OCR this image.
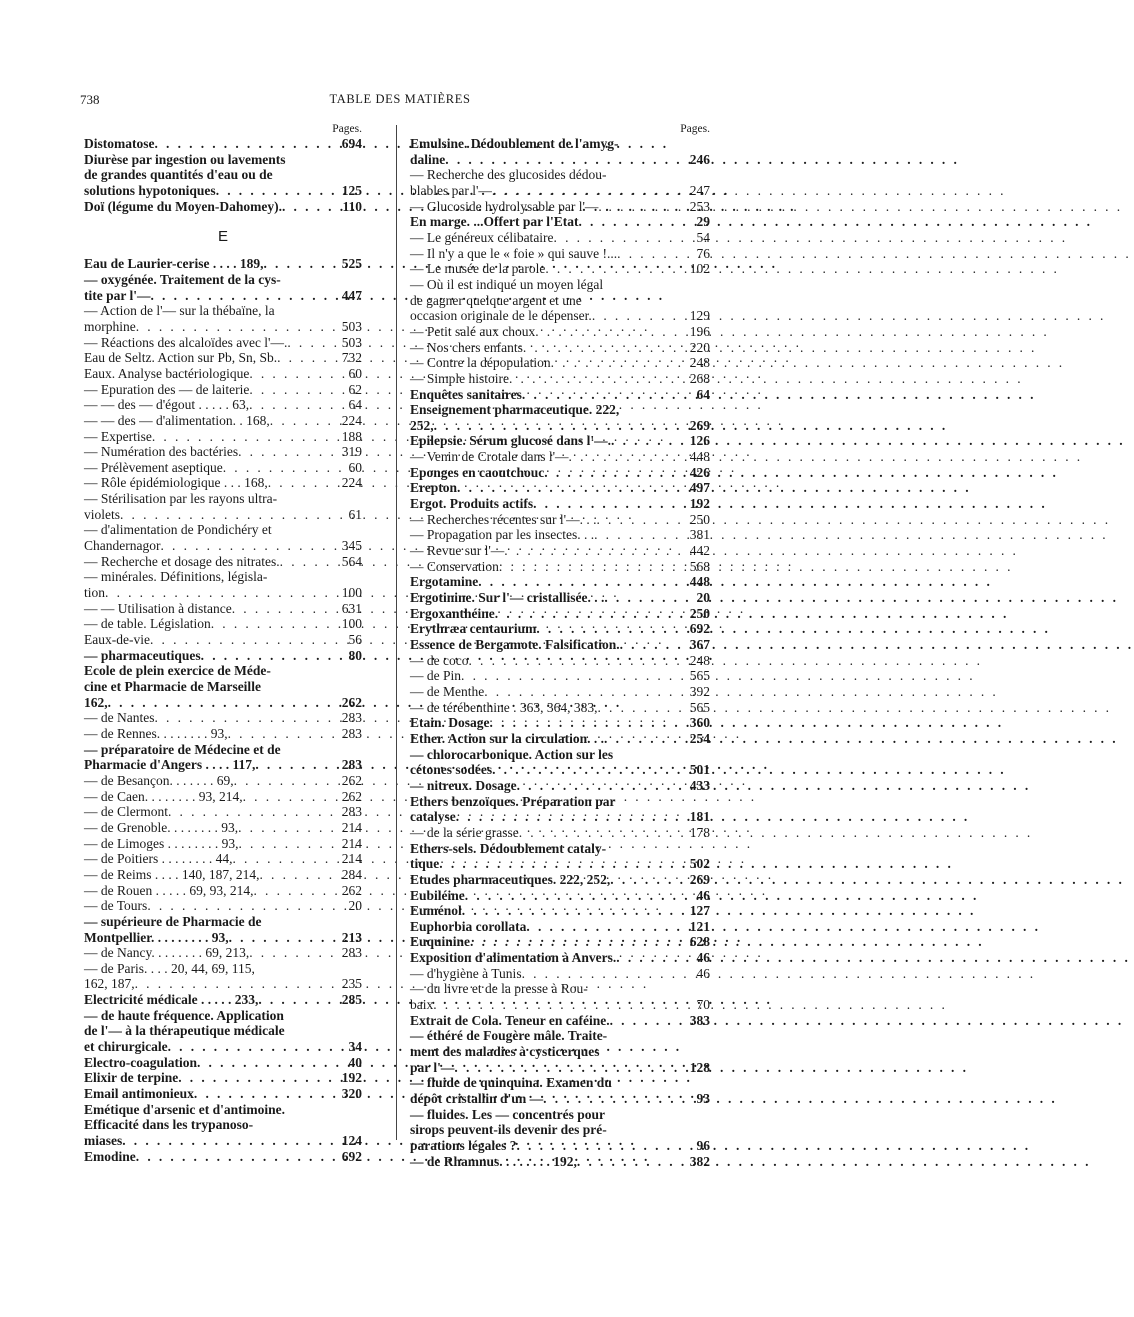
738	TABLE DES MATIÈRES
Pages.
Distomatose . . .	694
Diurèse par ingestion ou lavements
de grandes quantités d'eau ou de
solutions hypotoniques . . .	125
Doï (légume du Moyen-Dahomey). . . .	110
E
Eau de Laurier-cerise . . . . 189, . . .	525
— oxygénée. Traitement de la cys-
tite par l'— . . .	447
— Action de l'— sur la thébaïne, la
morphine . . .	503
— Réactions des alcaloïdes avec l'—. . . .	503
Eau de Seltz. Action sur Pb, Sn, Sb. . . .	732
Eaux. Analyse bactériologique . . .	60
— Epuration des — de laiterie . . .	62
— — des — d'égout . . . . . 63, . . .	64
— — des — d'alimentation. . 168, . . .	224
— Expertise . . .	188
— Numération des bactéries . . .	319
— Prélèvement aseptique . . .	60
— Rôle épidémiologique . . . 168, . . .	224
— Stérilisation par les rayons ultra-
violets . . .	61
— d'alimentation de Pondichéry et
Chandernagor . . .	345
— Recherche et dosage des nitrates. . . .	564
— minérales. Définitions, législa-
tion . . .	100
— — Utilisation à distance . . .	631
— de table. Législation . . .	100
Eaux-de-vie . . .	56
— pharmaceutiques . . .	80
Ecole de plein exercice de Méde-
cine et Pharmacie de Marseille
162, . . .	262
— de Nantes . . .	283
— de Rennes. . . . . . . . 93, . . .	283
— préparatoire de Médecine et de
Pharmacie d'Angers . . . . 117, . . .	283
— de Besançon. . . . . . . 69, . . .	262
— de Caen. . . . . . . . 93, 214, . . .	262
— de Clermont . . .	283
— de Grenoble. . . . . . . . 93, . . .	214
— de Limoges . . . . . . . . 93, . . .	214
— de Poitiers . . . . . . . . 44, . . .	214
— de Reims . . . . 140, 187, 214, . . .	284
— de Rouen . . . . . 69, 93, 214, . . .	262
— de Tours . . .	20
— supérieure de Pharmacie de
Montpellier. . . . . . . . . 93, . . .	213
— de Nancy. . . . . . . . 69, 213, . . .	283
— de Paris. . . . 20, 44, 69, 115,
162, 187, . . .	235
Electricité médicale . . . . . 233, . . .	285
— de haute fréquence. Application
de l'— à la thérapeutique médicale
et chirurgicale . . .	34
Electro-coagulation . . .	40
Elixir de terpine . . .	192
Email antimonieux . . .	320
Emétique d'arsenic et d'antimoine.
Efficacité dans les trypanoso-
miases . . .	124
Emodine . . .	692
Pages.
Emulsine. Dédoublement de l'amyg-
daline . . .	246
— Recherche des glucosides dédou-
blables par l'— . . .	247
— Glucoside hydrolysable par l'—. . . . .	253
En marge. ...Offert par l'Etat . . .	29
— Le généreux célibataire . . .	54
— Il n'y a que le « foie » qui sauve !... . . .	76
— Le musée de la parole . . .	102
— Où il est indiqué un moyen légal
de gagner quelque argent et une
occasion originale de le dépenser. . . .	129
— Petit salé aux choux . . .	196
— Nos chers enfants . . .	220
— Contre la dépopulation . . .	248
— Simple histoire . . .	268
Enquêtes sanitaires . . .	64
Enseignement pharmaceutique. 222,
252, . . .	269
Epilepsie. Sérum glucosé dans l'—. . . .	126
— Venin de Crotale dans l'— . . .	448
Eponges en caoutchouc . . .	426
Erepton . . .	497
Ergot. Produits actifs . . .	192
— Recherches récentes sur l'—. . . . . .	250
— Propagation par les insectes. . . . . .	381
— Revue sur l'— . . .	442
— Conservation . . .	568
Ergotamine . . .	448
Ergotinine. Sur l'— cristallisée. . . . . .	20
Ergoxanthéine . . .	250
Erythræa centaurium . . .	692
Essence de Bergamote. Falsification. . . .	367
— de coco . . .	248
— de Pin . . .	565
— de Menthe . . .	392
— de térébenthine . 363, 364, 383, . . .	565
Etain. Dosage . . .	360
Ether. Action sur la circulation. . . . . .	254
— chlorocarbonique. Action sur les
cétones sodées . . .	501
— nitreux. Dosage . . .	433
Ethers benzoïques. Préparation par
catalyse . . .	181
— de la série grasse . . .	178
Ethers-sels. Dédoublement cataly-
tique . . .	502
Etudes pharmaceutiques. 222, 252, . . .	269
Eubiléine . . .	46
Euménol . . .	127
Euphorbia corollata . . .	121
Euquinine . . .	628
Exposition d'alimentation à Anvers. . . .	46
— d'hygiène à Tunis . . .	46
— du livre et de la presse à Rou-
baix . . .	70
Extrait de Cola. Teneur en caféine. . . .	383
— éthéré de Fougère mâle. Traite-
ment des maladies à cysticerques
par l'— . . .	128
— fluide de quinquina. Examen du
dépôt cristallin d'un — . . .	93
— fluides. Les — concentrés pour
sirops peuvent-ils devenir des pré-
parations légales ? . . .	96
— de Rhamnus. . . . . . . . 192, . . .	382
